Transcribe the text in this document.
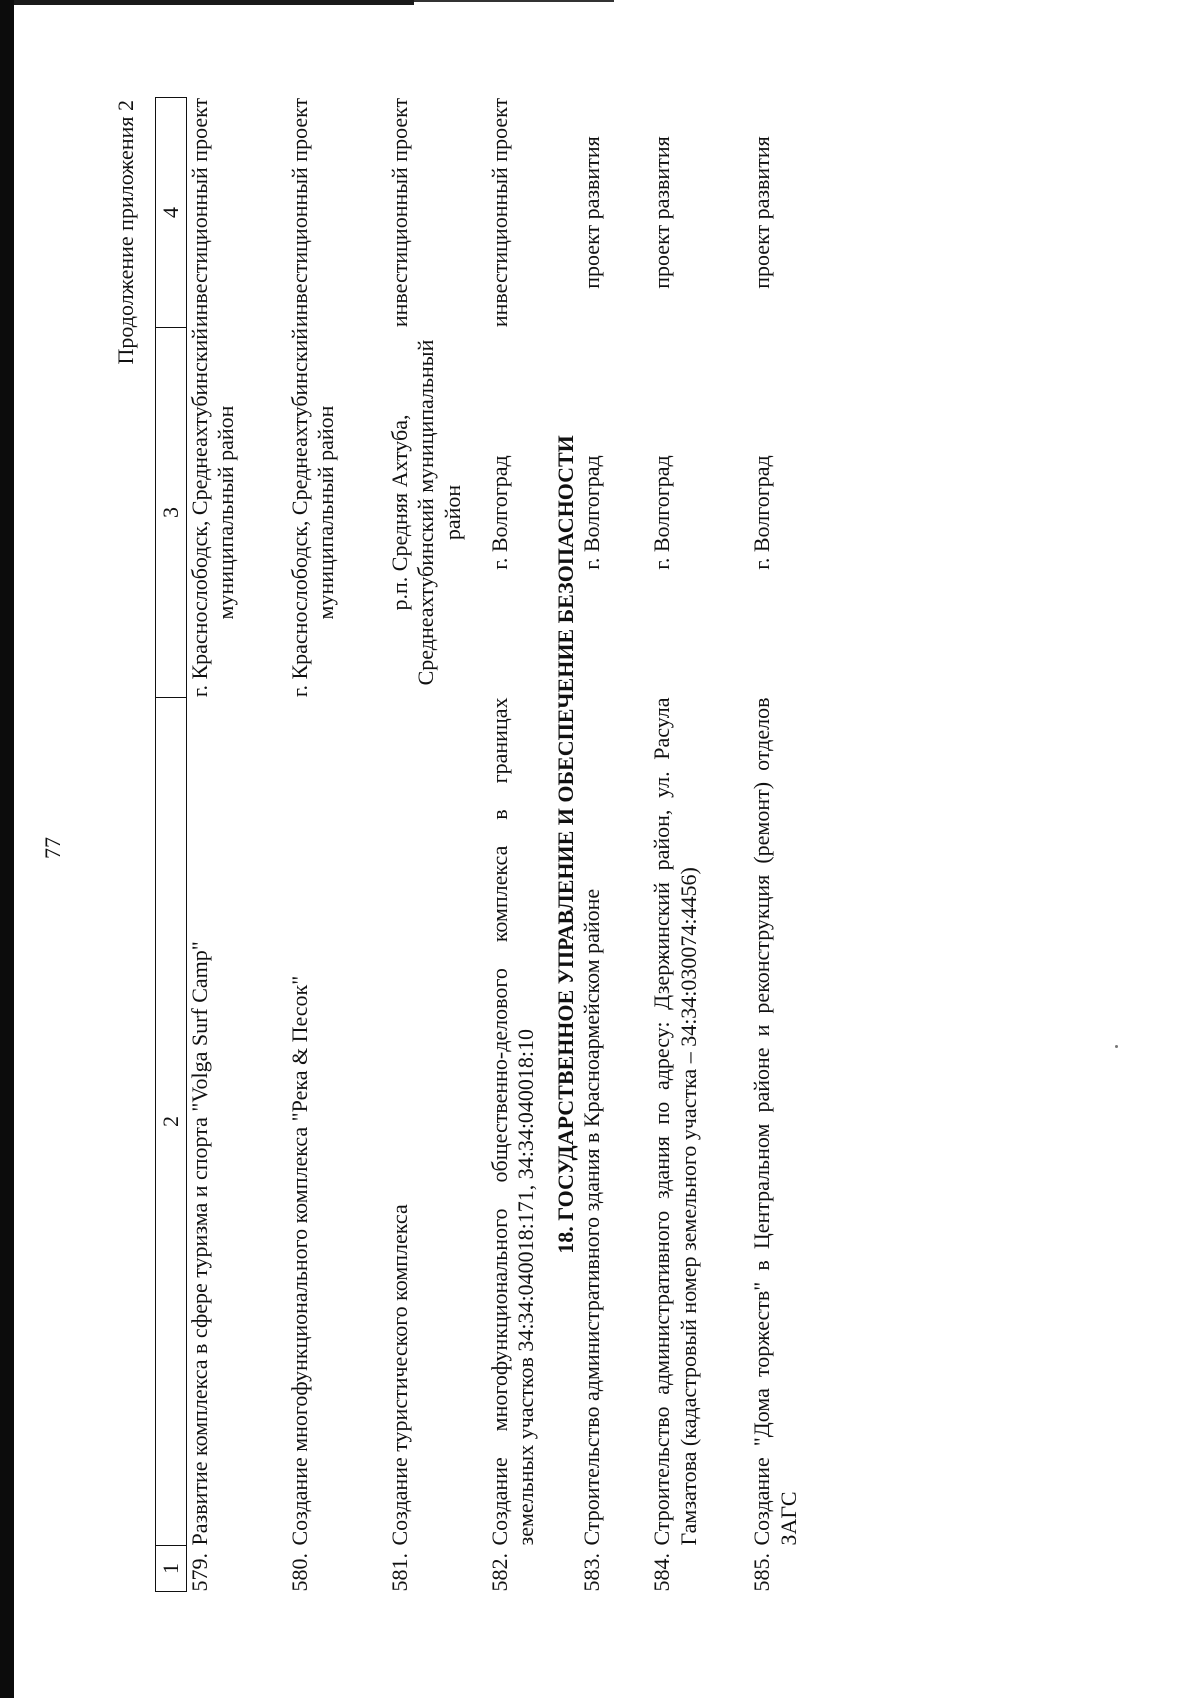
77
Продолжение приложения 2
1	2	3	4
579.	Развитие комплекса в сфере туризма и спорта "Volga Surf Camp"	г. Краснослободск, Среднеахтубинский муниципальный район	инвестиционный проект
580.	Создание многофункционального комплекса "Река & Песок"	г. Краснослободск, Среднеахтубинский муниципальный район	инвестиционный проект
581.	Создание туристического комплекса	р.п. Средняя Ахтуба, Среднеахтубинский муниципальный район	инвестиционный проект
582.	Создание многофункционального общественно-делового комплекса в границах земельных участков 34:34:040018:171, 34:34:040018:10	г. Волгоград	инвестиционный проект
18. ГОСУДАРСТВЕННОЕ УПРАВЛЕНИЕ И ОБЕСПЕЧЕНИЕ БЕЗОПАСНОСТИ			
583.	Строительство административного здания в Красноармейском районе	г. Волгоград	проект развития
584.	Строительство административного здания по адресу: Дзержинский район, ул. Расула Гамзатова (кадастровый номер земельного участка – 34:34:030074:4456)	г. Волгоград	проект развития
585.	Создание "Дома торжеств" в Центральном районе и реконструкция (ремонт) отделов ЗАГС	г. Волгоград	проект развития
